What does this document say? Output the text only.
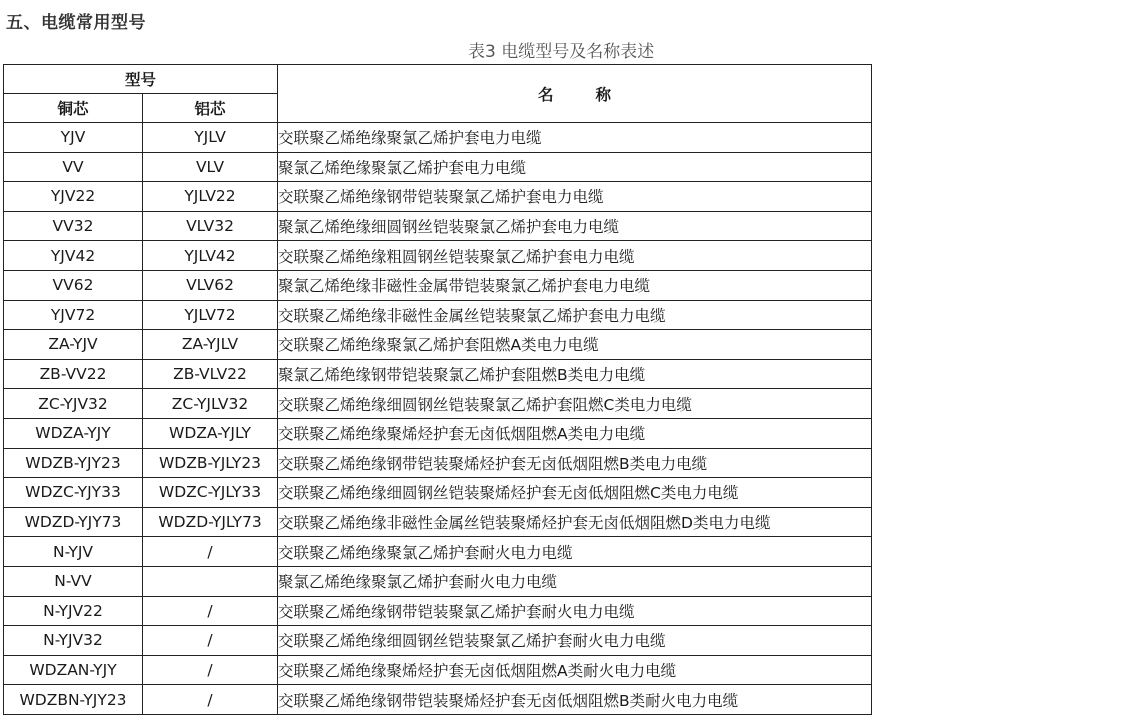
五、电缆常用型号
表3 电缆型号及名称表述
型号		名称
铜芯	铝芯	
YJV	YJLV	交联聚乙烯绝缘聚氯乙烯护套电力电缆
VV	VLV	聚氯乙烯绝缘聚氯乙烯护套电力电缆
YJV22	YJLV22	交联聚乙烯绝缘钢带铠装聚氯乙烯护套电力电缆
VV32	VLV32	聚氯乙烯绝缘细圆钢丝铠装聚氯乙烯护套电力电缆
YJV42	YJLV42	交联聚乙烯绝缘粗圆钢丝铠装聚氯乙烯护套电力电缆
VV62	VLV62	聚氯乙烯绝缘非磁性金属带铠装聚氯乙烯护套电力电缆
YJV72	YJLV72	交联聚乙烯绝缘非磁性金属丝铠装聚氯乙烯护套电力电缆
ZA-YJV	ZA-YJLV	交联聚乙烯绝缘聚氯乙烯护套阻燃A类电力电缆
ZB-VV22	ZB-VLV22	聚氯乙烯绝缘钢带铠装聚氯乙烯护套阻燃B类电力电缆
ZC-YJV32	ZC-YJLV32	交联聚乙烯绝缘细圆钢丝铠装聚氯乙烯护套阻燃C类电力电缆
WDZA-YJY	WDZA-YJLY	交联聚乙烯绝缘聚烯烃护套无卤低烟阻燃A类电力电缆
WDZB-YJY23	WDZB-YJLY23	交联聚乙烯绝缘钢带铠装聚烯烃护套无卤低烟阻燃B类电力电缆
WDZC-YJY33	WDZC-YJLY33	交联聚乙烯绝缘细圆钢丝铠装聚烯烃护套无卤低烟阻燃C类电力电缆
WDZD-YJY73	WDZD-YJLY73	交联聚乙烯绝缘非磁性金属丝铠装聚烯烃护套无卤低烟阻燃D类电力电缆
N-YJV	/	交联聚乙烯绝缘聚氯乙烯护套耐火电力电缆
N-VV		聚氯乙烯绝缘聚氯乙烯护套耐火电力电缆
N-YJV22	/	交联聚乙烯绝缘钢带铠装聚氯乙烯护套耐火电力电缆
N-YJV32	/	交联聚乙烯绝缘细圆钢丝铠装聚氯乙烯护套耐火电力电缆
WDZAN-YJY	/	交联聚乙烯绝缘聚烯烃护套无卤低烟阻燃A类耐火电力电缆
WDZBN-YJY23	/	交联聚乙烯绝缘钢带铠装聚烯烃护套无卤低烟阻燃B类耐火电力电缆
